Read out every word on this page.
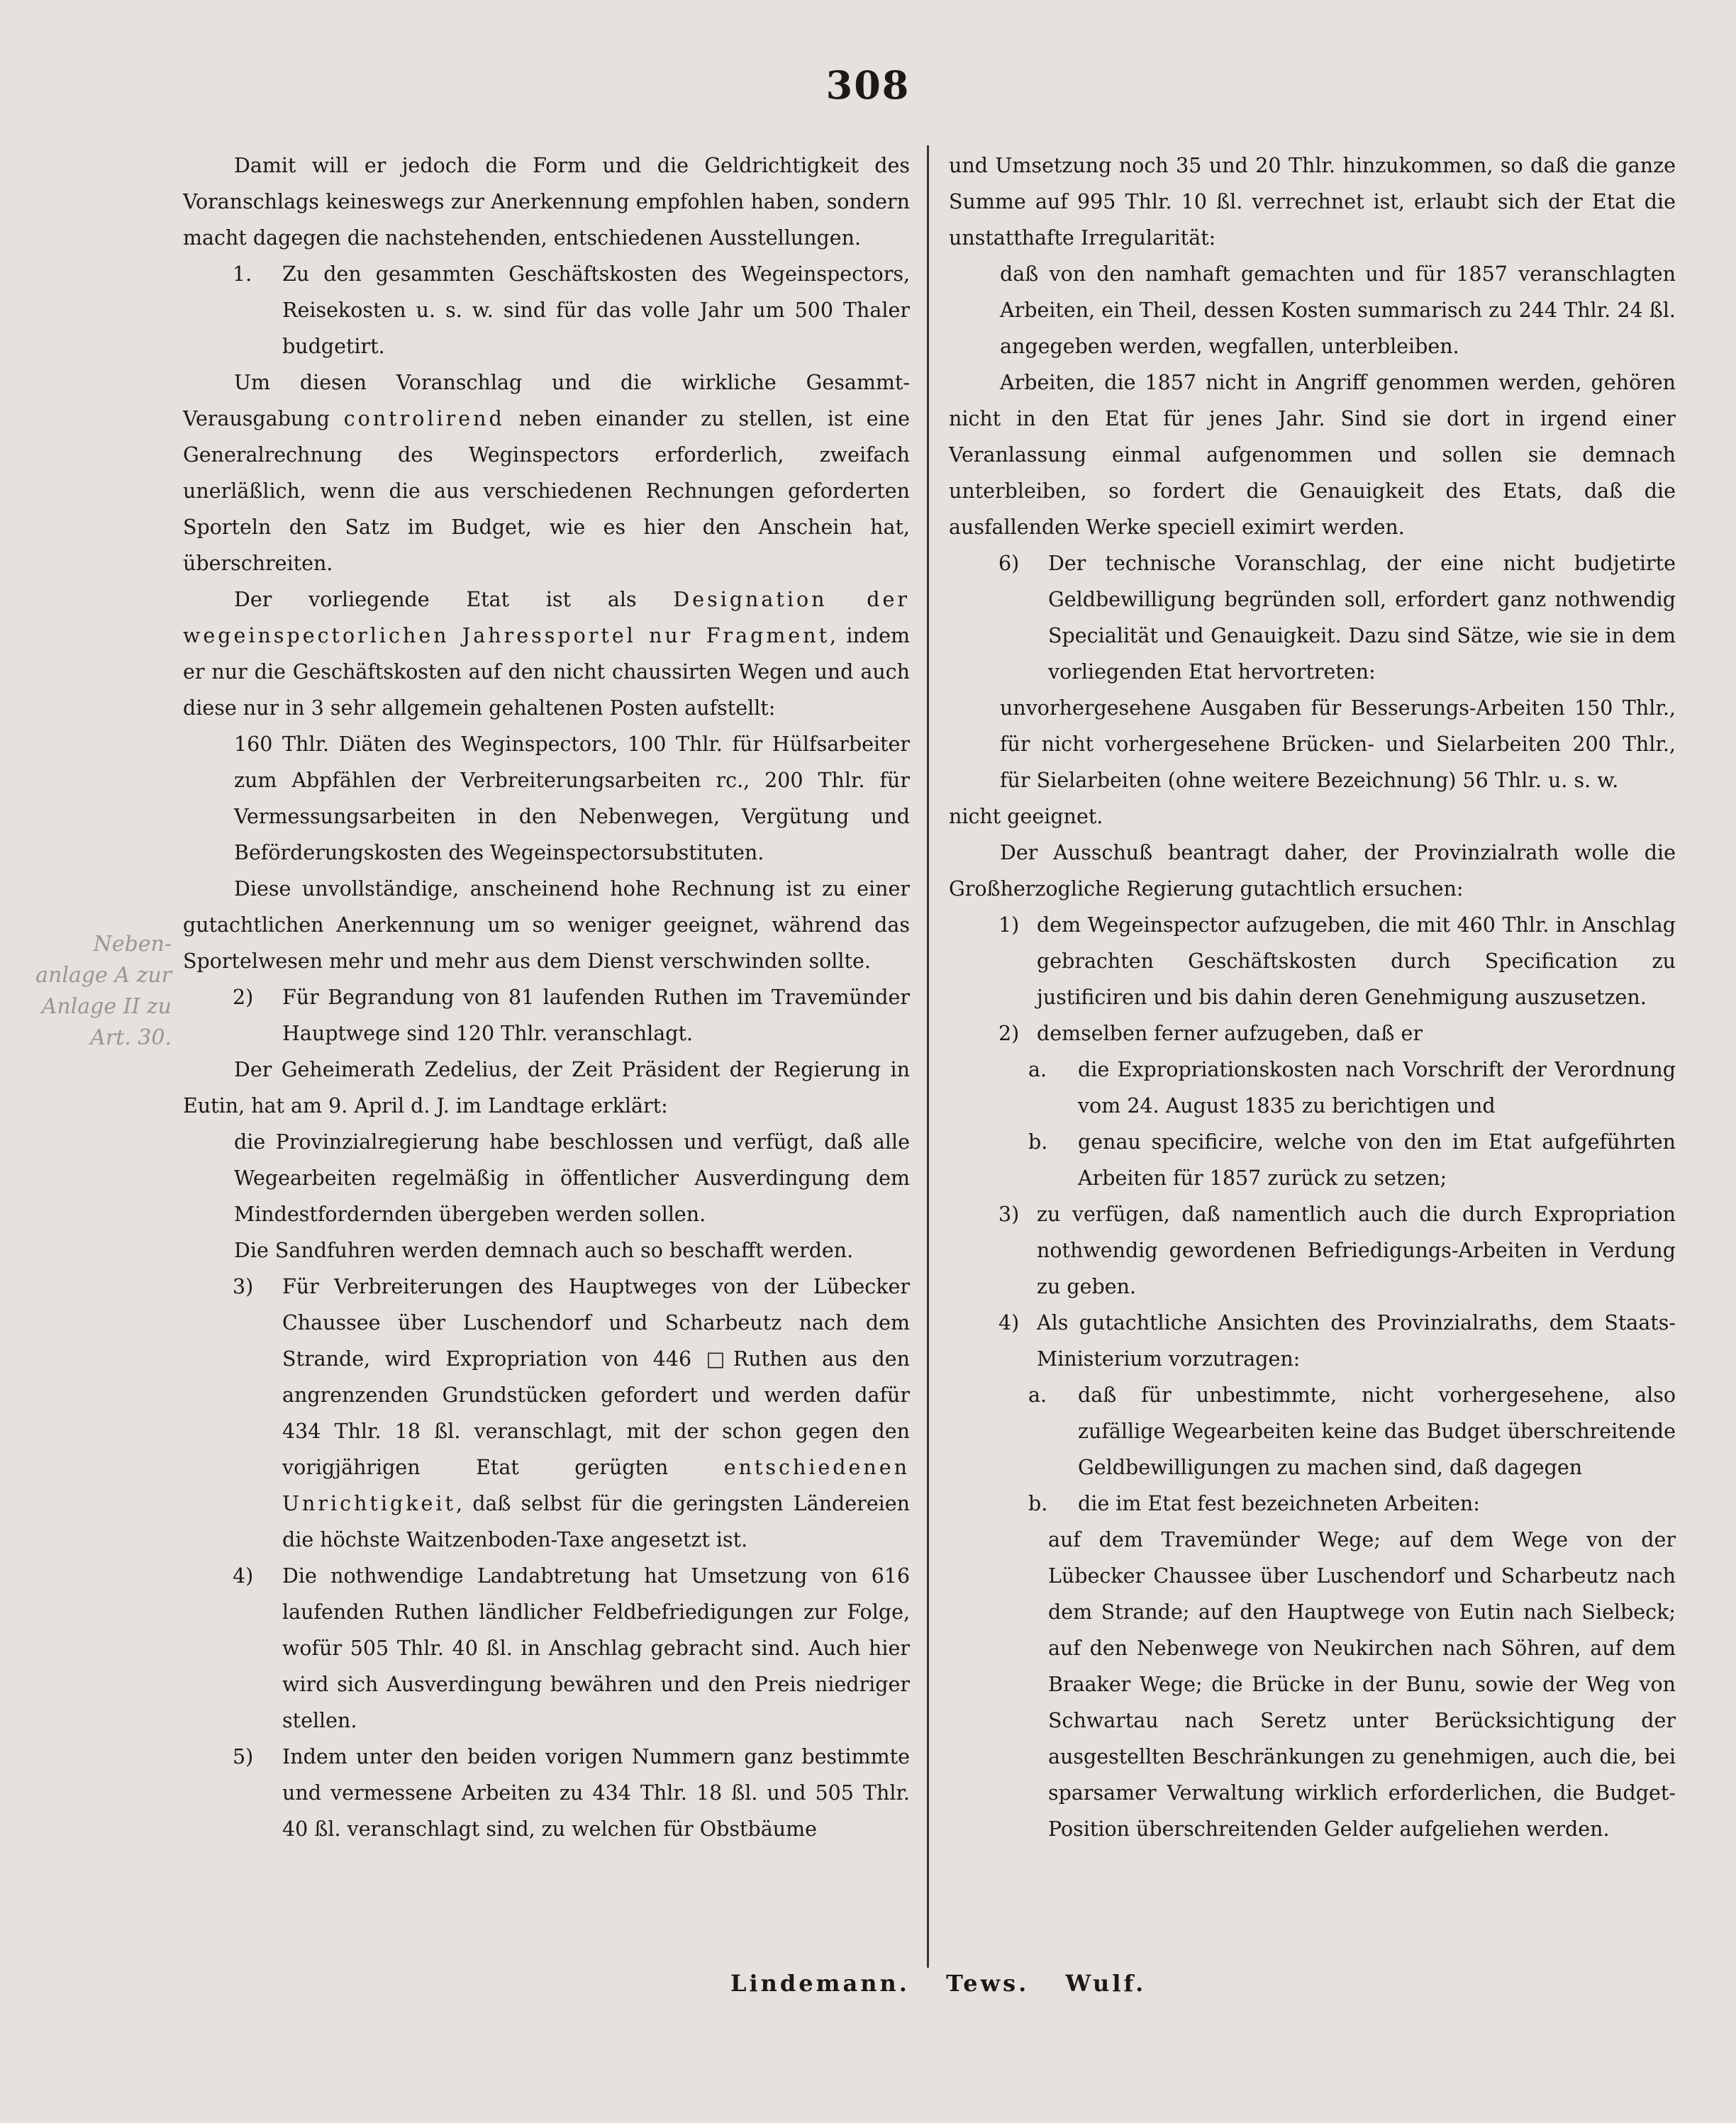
308
Neben-
anlage A zur
Anlage II zu
Art. 30.

Damit will er jedoch die Form und die Geldrichtigkeit des Voranschlags keineswegs zur Anerkennung empfohlen haben, sondern macht dagegen die nachstehenden, entschiedenen Ausstellungen.

1.	Zu den gesammten Geschäftskosten des Wegeinspectors, Reisekosten u. s. w. sind für das volle Jahr um 500 Thaler budgetirt.

Um diesen Voranschlag und die wirkliche Gesammt-Verausgabung controlirend neben einander zu stellen, ist eine Generalrechnung des Weginspectors erforderlich, zweifach unerläßlich, wenn die aus verschiedenen Rechnungen geforderten Sporteln den Satz im Budget, wie es hier den Anschein hat, überschreiten.

Der vorliegende Etat ist als Designation der wegeinspectorlichen Jahressportel nur Fragment, indem er nur die Geschäftskosten auf den nicht chaussirten Wegen und auch diese nur in 3 sehr allgemein gehaltenen Posten aufstellt:

160 Thlr. Diäten des Weginspectors, 100 Thlr. für Hülfsarbeiter zum Abpfählen der Verbreiterungsarbeiten rc., 200 Thlr. für Vermessungsarbeiten in den Nebenwegen, Vergütung und Beförderungskosten des Wegeinspectorsubstituten.

Diese unvollständige, anscheinend hohe Rechnung ist zu einer gutachtlichen Anerkennung um so weniger geeignet, während das Sportelwesen mehr und mehr aus dem Dienst verschwinden sollte.

2)	Für Begrandung von 81 laufenden Ruthen im Travemünder Hauptwege sind 120 Thlr. veranschlagt.

Der Geheimerath Zedelius, der Zeit Präsident der Regierung in Eutin, hat am 9. April d. J. im Landtage erklärt:

die Provinzialregierung habe beschlossen und verfügt, daß alle Wegearbeiten regelmäßig in öffentlicher Ausverdingung dem Mindestfordernden übergeben werden sollen.

Die Sandfuhren werden demnach auch so beschafft werden.

3)	Für Verbreiterungen des Hauptweges von der Lübecker Chaussee über Luschendorf und Scharbeutz nach dem Strande, wird Expropriation von 446 □Ruthen aus den angrenzenden Grundstücken gefordert und werden dafür 434 Thlr. 18 ßl. veranschlagt, mit der schon gegen den vorigjährigen Etat gerügten	entschiedenen Unrichtigkeit, daß selbst für die geringsten Ländereien die höchste Waitzenboden-Taxe angesetzt ist.
4)	Die nothwendige Landabtretung hat Umsetzung von 616 laufenden Ruthen ländlicher Feldbefriedigungen zur Folge, wofür 505 Thlr. 40 ßl. in Anschlag gebracht sind. Auch hier wird sich Ausverdingung bewähren und den Preis niedriger stellen.
5)	Indem unter den beiden vorigen Nummern ganz bestimmte und vermessene Arbeiten zu 434 Thlr. 18 ßl. und 505 Thlr. 40 ßl. veranschlagt sind, zu welchen für Obstbäume

und Umsetzung noch 35 und 20 Thlr. hinzukommen, so daß die ganze Summe auf 995 Thlr. 10 ßl. verrechnet ist, erlaubt sich der Etat die unstatthafte Irregularität:

daß von den namhaft gemachten und für 1857 veranschlagten Arbeiten, ein Theil, dessen Kosten summarisch zu 244 Thlr. 24 ßl. angegeben werden, wegfallen, unterbleiben.

Arbeiten, die 1857 nicht in Angriff genommen werden, gehören nicht in den Etat für jenes Jahr. Sind sie dort in irgend einer Veranlassung einmal aufgenommen und sollen sie demnach unterbleiben, so fordert die Genauigkeit des Etats, daß die ausfallenden Werke speciell eximirt werden.

6)	Der technische Voranschlag, der eine nicht budjetirte Geldbewilligung begründen soll, erfordert ganz nothwendig Specialität und Genauigkeit. Dazu sind Sätze, wie sie in dem vorliegenden Etat hervortreten:

unvorhergesehene Ausgaben für Besserungs-Arbeiten 150 Thlr., für nicht vorhergesehene Brücken- und Sielarbeiten 200 Thlr., für Sielarbeiten (ohne weitere Bezeichnung) 56 Thlr. u. s. w.

nicht geeignet.

Der Ausschuß beantragt daher, der Provinzialrath wolle die Großherzogliche Regierung gutachtlich ersuchen:

1) dem Wegeinspector aufzugeben, die mit 460 Thlr. in Anschlag gebrachten Geschäftskosten durch Specification zu justificiren und bis dahin deren Genehmigung auszusetzen.
2) demselben ferner aufzugeben, daß er
a.	die Expropriationskosten nach Vorschrift der Verordnung vom 24. August 1835 zu berichtigen und
b.	genau specificire, welche von den im Etat aufgeführten Arbeiten für 1857 zurück zu setzen;
3) zu verfügen, daß namentlich auch die durch Expropriation nothwendig gewordenen Befriedigungs-Arbeiten in Verdung zu geben.
4) Als gutachtliche Ansichten des Provinzialraths, dem Staats-Ministerium vorzutragen:
a.	daß für unbestimmte, nicht vorhergesehene, also zufällige Wegearbeiten keine das Budget überschreitende Geldbewilligungen zu machen sind, daß dagegen
b.	die im Etat fest bezeichneten Arbeiten:

auf dem Travemünder Wege; auf dem Wege von der Lübecker Chaussee über Luschendorf und Scharbeutz nach dem Strande; auf den Hauptwege von Eutin nach Sielbeck; auf den Nebenwege von Neukirchen nach Söhren, auf dem Braaker Wege; die Brücke in der Bunu, sowie der Weg von Schwartau nach Seretz unter Berücksichtigung der ausgestellten Beschränkungen zu genehmigen, auch die, bei sparsamer Verwaltung wirklich erforderlichen, die Budget-Position überschreitenden Gelder aufgeliehen werden.

Lindemann. Tews. Wulf.
